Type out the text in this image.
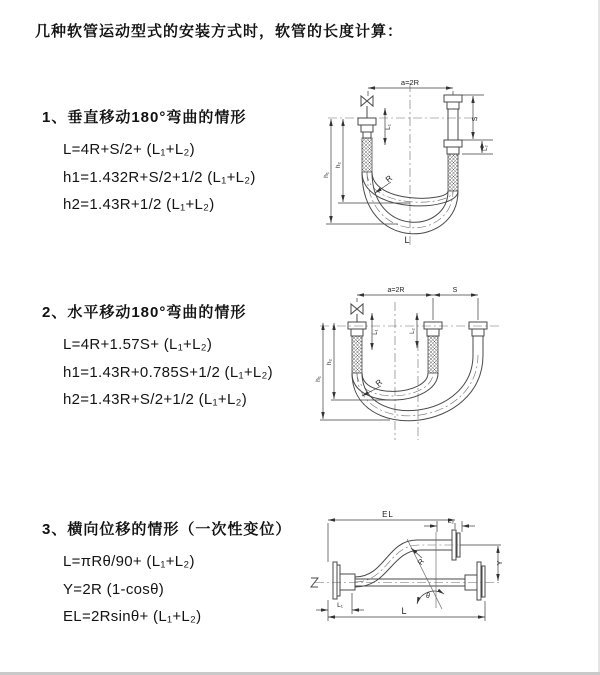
几种软管运动型式的安装方式时，软管的长度计算：
1、垂直移动180°弯曲的情形
L=4R+S/2+ (L₁+L₂)
h1=1.432R+S/2+1/2 (L₁+L₂)
h2=1.43R+1/2 (L₁+L₂)
2、水平移动180°弯曲的情形
L=4R+1.57S+ (L₁+L₂)
h1=1.43R+0.785S+1/2 (L₁+L₂)
h2=1.43R+S/2+1/2 (L₁+L₂)
3、横向位移的情形（一次性变位）
L=πRθ/90+ (L₁+L₂)
Y=2R (1-cosθ)
EL=2Rsinθ+ (L₁+L₂)
a=2R
L₁
S
L₂
h₁
h₂
R
L
a=2R	S
L₁	L₂
h₁
h₂
R
EL
L₂
Y
θ
R
L
L₁
